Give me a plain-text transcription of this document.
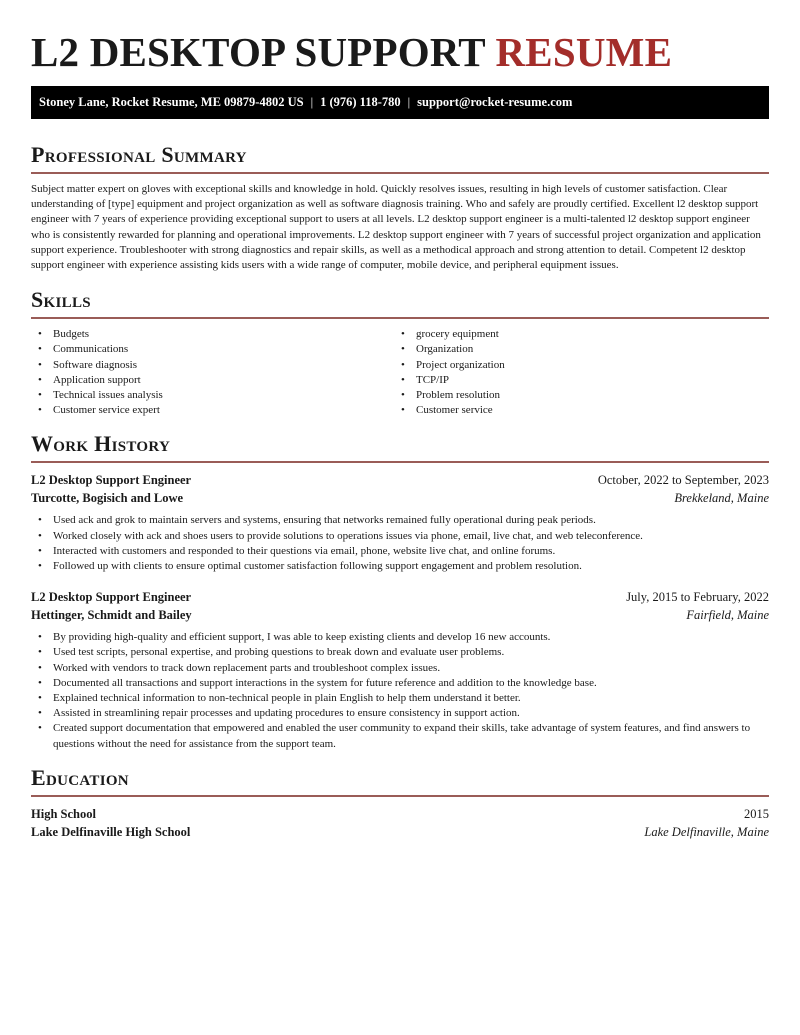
L2 DESKTOP SUPPORT RESUME
Stoney Lane, Rocket Resume, ME 09879-4802 US | 1 (976) 118-780 | support@rocket-resume.com
Professional Summary

Subject matter expert on gloves with exceptional skills and knowledge in hold. Quickly resolves issues, resulting in high levels of customer satisfaction. Clear understanding of [type] equipment and project organization as well as software diagnosis training. Who and safely are proudly certified. Excellent l2 desktop support engineer with 7 years of experience providing exceptional support to users at all levels. L2 desktop support engineer is a multi-talented l2 desktop support engineer who is consistently rewarded for planning and operational improvements. L2 desktop support engineer with 7 years of successful project organization and application support experience. Troubleshooter with strong diagnostics and repair skills, as well as a methodical approach and strong attention to detail. Competent l2 desktop support engineer with experience assisting kids users with a wide range of computer, mobile device, and peripheral equipment issues.

Skills
• Budgets
• Communications
• Software diagnosis
• Application support
• Technical issues analysis
• Customer service expert
• grocery equipment
• Organization
• Project organization
• TCP/IP
• Problem resolution
• Customer service
Work History
L2 Desktop Support Engineer	October, 2022 to September, 2023
Turcotte, Bogisich and Lowe	Brekkeland, Maine
• Used ack and grok to maintain servers and systems, ensuring that networks remained fully operational during peak periods.
• Worked closely with ack and shoes users to provide solutions to operations issues via phone, email, live chat, and web teleconference.
• Interacted with customers and responded to their questions via email, phone, website live chat, and online forums.
• Followed up with clients to ensure optimal customer satisfaction following support engagement and problem resolution.
L2 Desktop Support Engineer	July, 2015 to February, 2022
Hettinger, Schmidt and Bailey	Fairfield, Maine
• By providing high-quality and efficient support, I was able to keep existing clients and develop 16 new accounts.
• Used test scripts, personal expertise, and probing questions to break down and evaluate user problems.
• Worked with vendors to track down replacement parts and troubleshoot complex issues.
• Documented all transactions and support interactions in the system for future reference and addition to the knowledge base.
• Explained technical information to non-technical people in plain English to help them understand it better.
• Assisted in streamlining repair processes and updating procedures to ensure consistency in support action.
• Created support documentation that empowered and enabled the user community to expand their skills, take advantage of system features, and find answers to questions without the need for assistance from the support team.
Education
High School	2015
Lake Delfinaville High School	Lake Delfinaville, Maine
